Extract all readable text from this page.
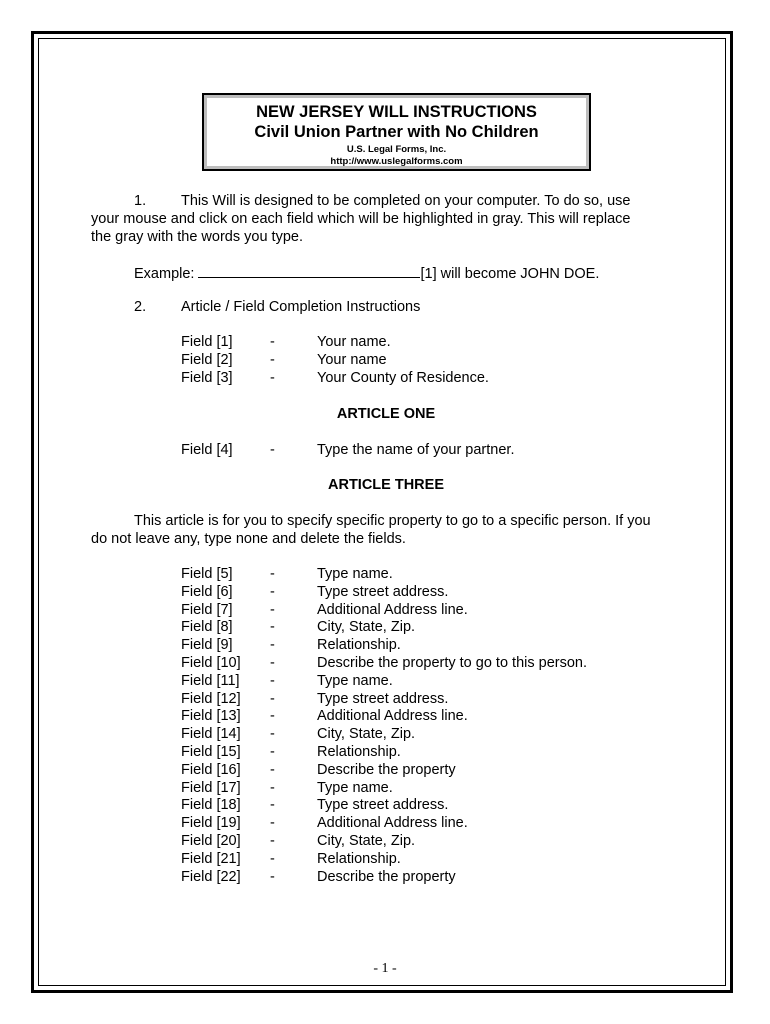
NEW JERSEY WILL INSTRUCTIONS
Civil Union Partner with No Children
U.S. Legal Forms, Inc.
http://www.uslegalforms.com
1. This Will is designed to be completed on your computer. To do so, use
your mouse and click on each field which will be highlighted in gray. This will replace
the gray with the words you type.
Example:	[1] will become JOHN DOE.
2. Article / Field Completion Instructions
Field [1]	-	Your name.
Field [2]	-	Your name
Field [3]	-	Your County of Residence.
ARTICLE ONE
Field [4]	-	Type the name of your partner.
ARTICLE THREE
This article is for you to specify specific property to go to a specific person. If you
do not leave any, type none and delete the fields.
Field [5]	-	Type name.
Field [6]	-	Type street address.
Field [7]	-	Additional Address line.
Field [8]	-	City, State, Zip.
Field [9]	-	Relationship.
Field [10] -	Describe the property to go to this person.
Field [11] -	Type name.
Field [12] -	Type street address.
Field [13] -	Additional Address line.
Field [14] -	City, State, Zip.
Field [15] -	Relationship.
Field [16] -	Describe the property
Field [17] -	Type name.
Field [18] -	Type street address.
Field [19] -	Additional Address line.
Field [20] -	City, State, Zip.
Field [21] -	Relationship.
Field [22] -	Describe the property
- 1 -
